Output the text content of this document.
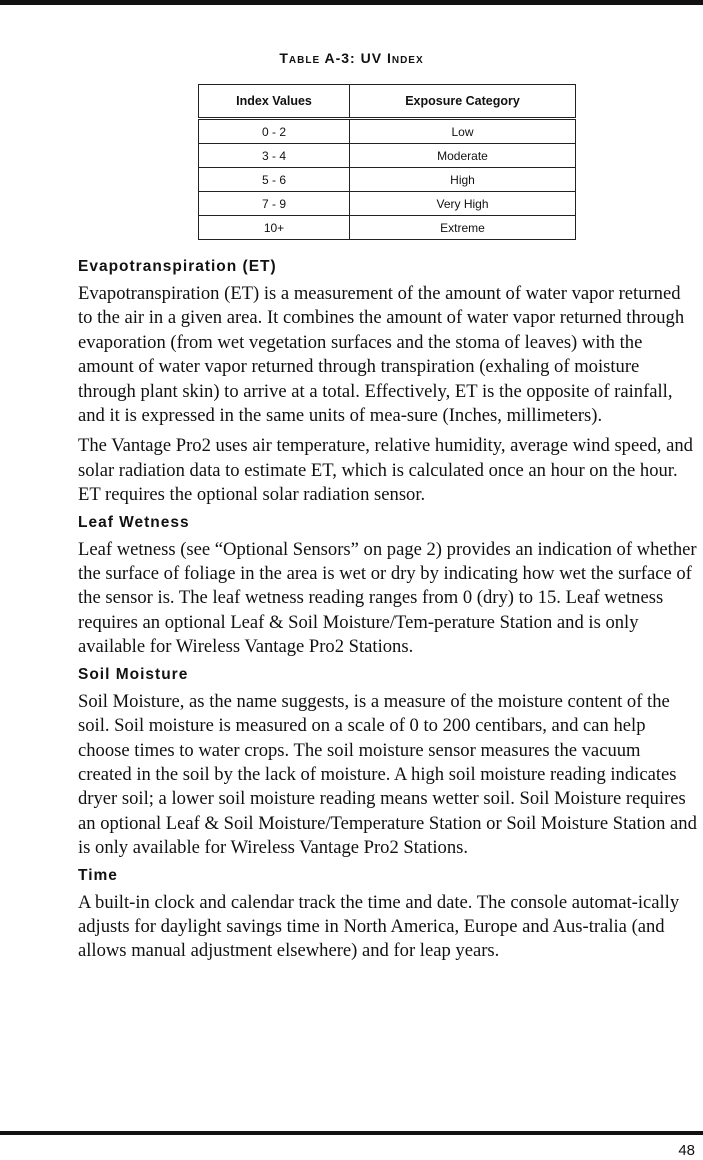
Table A-3: UV Index
Index Values	Exposure Category
0 - 2	Low
3 - 4	Moderate
5 - 6	High
7 - 9	Very High
10+	Extreme
Evapotranspiration (ET)

Evapotranspiration (ET) is a measurement of the amount of water vapor returned to the air in a given area. It combines the amount of water vapor returned through evaporation (from wet vegetation surfaces and the stoma of leaves) with the amount of water vapor returned through transpiration (exhaling of moisture through plant skin) to arrive at a total. Effectively, ET is the opposite of rainfall, and it is expressed in the same units of mea-sure (Inches, millimeters).

The Vantage Pro2 uses air temperature, relative humidity, average wind speed, and solar radiation data to estimate ET, which is calculated once an hour on the hour. ET requires the optional solar radiation sensor.

Leaf Wetness

Leaf wetness (see “Optional Sensors” on page 2) provides an indication of whether the surface of foliage in the area is wet or dry by indicating how wet the surface of the sensor is. The leaf wetness reading ranges from 0 (dry) to 15. Leaf wetness requires an optional Leaf & Soil Moisture/Tem-perature Station and is only available for Wireless Vantage Pro2 Stations.

Soil Moisture

Soil Moisture, as the name suggests, is a measure of the moisture content of the soil. Soil moisture is measured on a scale of 0 to 200 centibars, and can help choose times to water crops. The soil moisture sensor measures the vacuum created in the soil by the lack of moisture. A high soil moisture reading indicates dryer soil; a lower soil moisture reading means wetter soil. Soil Moisture requires an optional Leaf & Soil Moisture/Temperature Station or Soil Moisture Station and is only available for Wireless Vantage Pro2 Stations.

Time

A built-in clock and calendar track the time and date. The console automat-ically adjusts for daylight savings time in North America, Europe and Aus-tralia (and allows manual adjustment elsewhere) and for leap years.

48
